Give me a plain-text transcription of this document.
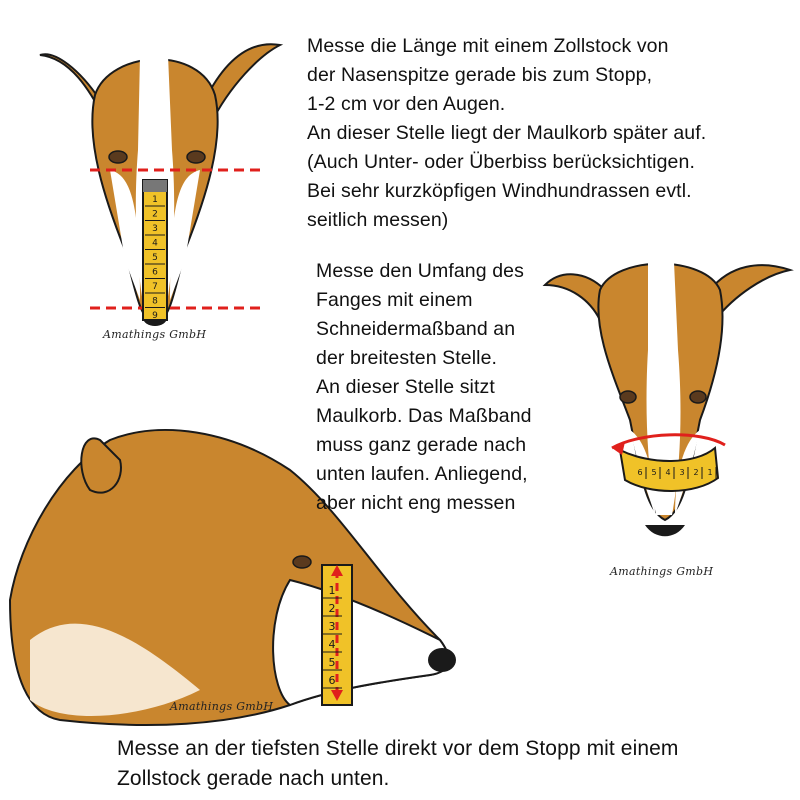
1
2
3
4
5
6
7
8
9
6 5 4 3 2 1
1
2
3
4
5
6
Messe die Länge mit einem Zollstock von
der Nasenspitze gerade bis zum Stopp,
1-2 cm vor den Augen.
An dieser Stelle liegt der Maulkorb später auf.
(Auch Unter- oder Überbiss berücksichtigen.
Bei sehr kurzköpfigen Windhundrassen evtl.
seitlich messen)
Messe den Umfang des
Fanges mit einem
Schneidermaßband an
der breitesten Stelle.
An dieser Stelle sitzt
Maulkorb. Das Maßband
muss ganz gerade nach
unten laufen. Anliegend,
aber nicht eng messen
Messe an der tiefsten Stelle direkt vor dem Stopp mit einem
Zollstock gerade nach unten.
Amathings GmbH
Amathings GmbH
Amathings GmbH
